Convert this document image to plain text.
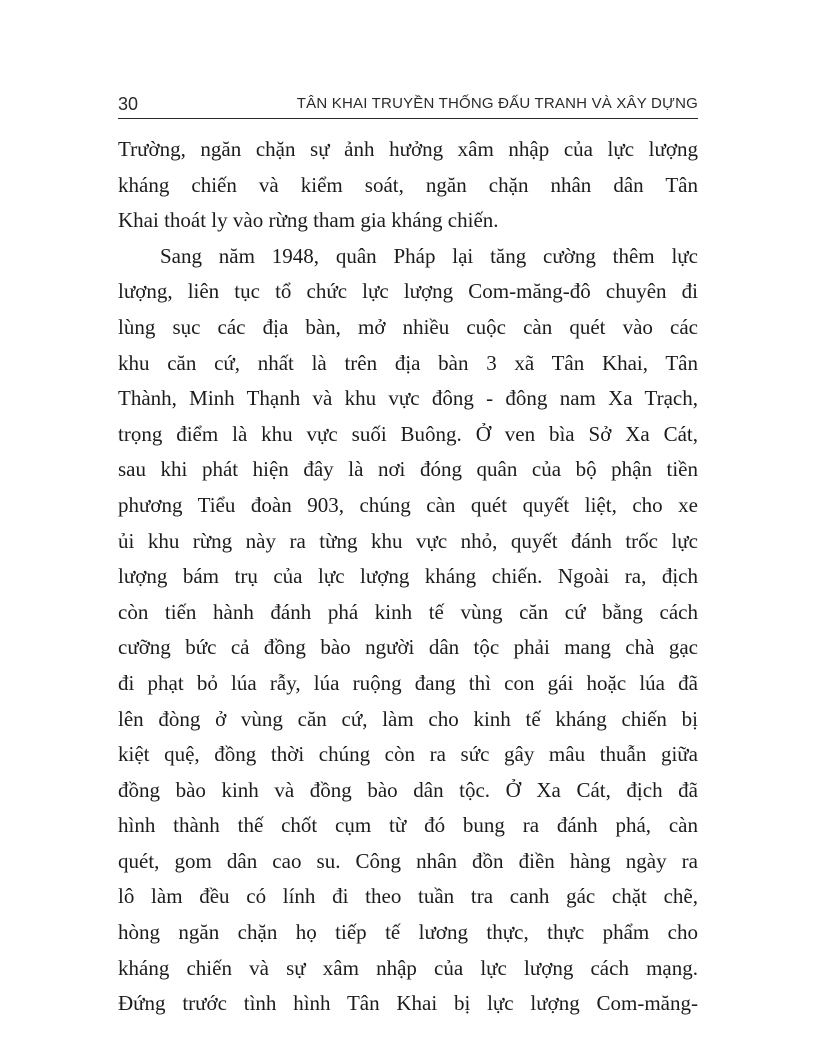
30	TÂN KHAI TRUYỀN THỐNG ĐẤU TRANH VÀ XÂY DỰNG
Trường, ngăn chặn sự ảnh hưởng xâm nhập của lực lượng
kháng chiến và kiểm soát, ngăn chặn nhân dân Tân
Khai thoát ly vào rừng tham gia kháng chiến.
Sang năm 1948, quân Pháp lại tăng cường thêm lực
lượng, liên tục tổ chức lực lượng Com-măng-đô chuyên đi
lùng sục các địa bàn, mở nhiều cuộc càn quét vào các
khu căn cứ, nhất là trên địa bàn 3 xã Tân Khai, Tân
Thành, Minh Thạnh và khu vực đông - đông nam Xa Trạch,
trọng điểm là khu vực suối Buông. Ở ven bìa Sở Xa Cát,
sau khi phát hiện đây là nơi đóng quân của bộ phận tiền
phương Tiểu đoàn 903, chúng càn quét quyết liệt, cho xe
ủi khu rừng này ra từng khu vực nhỏ, quyết đánh trốc lực
lượng bám trụ của lực lượng kháng chiến. Ngoài ra, địch
còn tiến hành đánh phá kinh tế vùng căn cứ bằng cách
cưỡng bức cả đồng bào người dân tộc phải mang chà gạc
đi phạt bỏ lúa rẫy, lúa ruộng đang thì con gái hoặc lúa đã
lên đòng ở vùng căn cứ, làm cho kinh tế kháng chiến bị
kiệt quệ, đồng thời chúng còn ra sức gây mâu thuẫn giữa
đồng bào kinh và đồng bào dân tộc. Ở Xa Cát, địch đã
hình thành thế chốt cụm từ đó bung ra đánh phá, càn
quét, gom dân cao su. Công nhân đồn điền hàng ngày ra
lô làm đều có lính đi theo tuần tra canh gác chặt chẽ,
hòng ngăn chặn họ tiếp tế lương thực, thực phẩm cho
kháng chiến và sự xâm nhập của lực lượng cách mạng.
Đứng trước tình hình Tân Khai bị lực lượng Com-măng-
